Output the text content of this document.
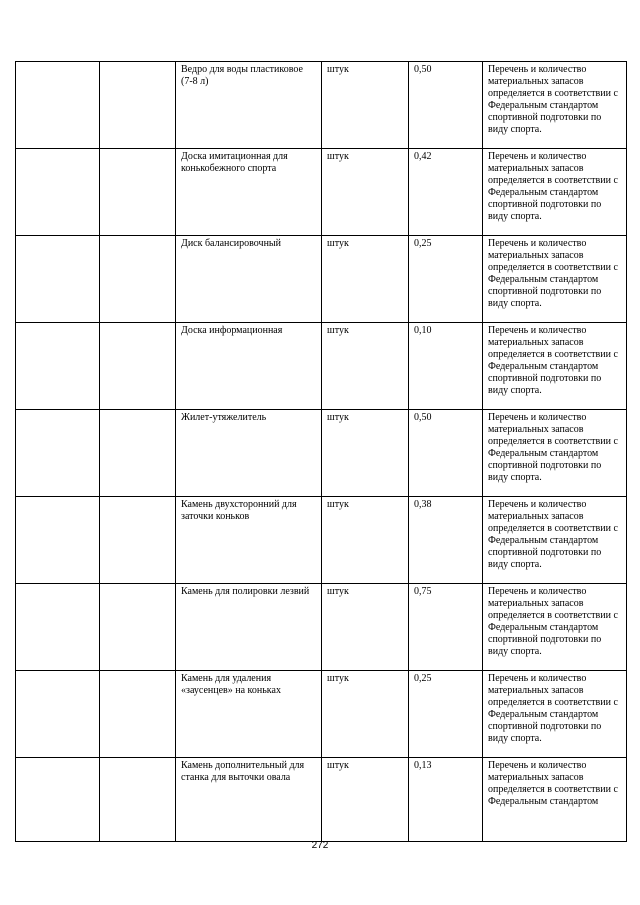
		Ведро для воды пластиковое (7-8 л)	штук	0,50	Перечень и количество материальных запасов определяется в соответствии с Федеральным стандартом спортивной подготовки по виду спорта.
		Доска имитационная для конькобежного спорта	штук	0,42	Перечень и количество материальных запасов определяется в соответствии с Федеральным стандартом спортивной подготовки по виду спорта.
		Диск балансировочный	штук	0,25	Перечень и количество материальных запасов определяется в соответствии с Федеральным стандартом спортивной подготовки по виду спорта.
		Доска информационная	штук	0,10	Перечень и количество материальных запасов определяется в соответствии с Федеральным стандартом спортивной подготовки по виду спорта.
		Жилет-утяжелитель	штук	0,50	Перечень и количество материальных запасов определяется в соответствии с Федеральным стандартом спортивной подготовки по виду спорта.
		Камень двухсторонний для заточки коньков	штук	0,38	Перечень и количество материальных запасов определяется в соответствии с Федеральным стандартом спортивной подготовки по виду спорта.
		Камень для полировки лезвий	штук	0,75	Перечень и количество материальных запасов определяется в соответствии с Федеральным стандартом спортивной подготовки по виду спорта.
		Камень для удаления «заусенцев» на коньках	штук	0,25	Перечень и количество материальных запасов определяется в соответствии с Федеральным стандартом спортивной подготовки по виду спорта.
		Камень дополнительный для станка для выточки овала	штук	0,13	Перечень и количество материальных запасов определяется в соответствии с Федеральным стандартом
272
